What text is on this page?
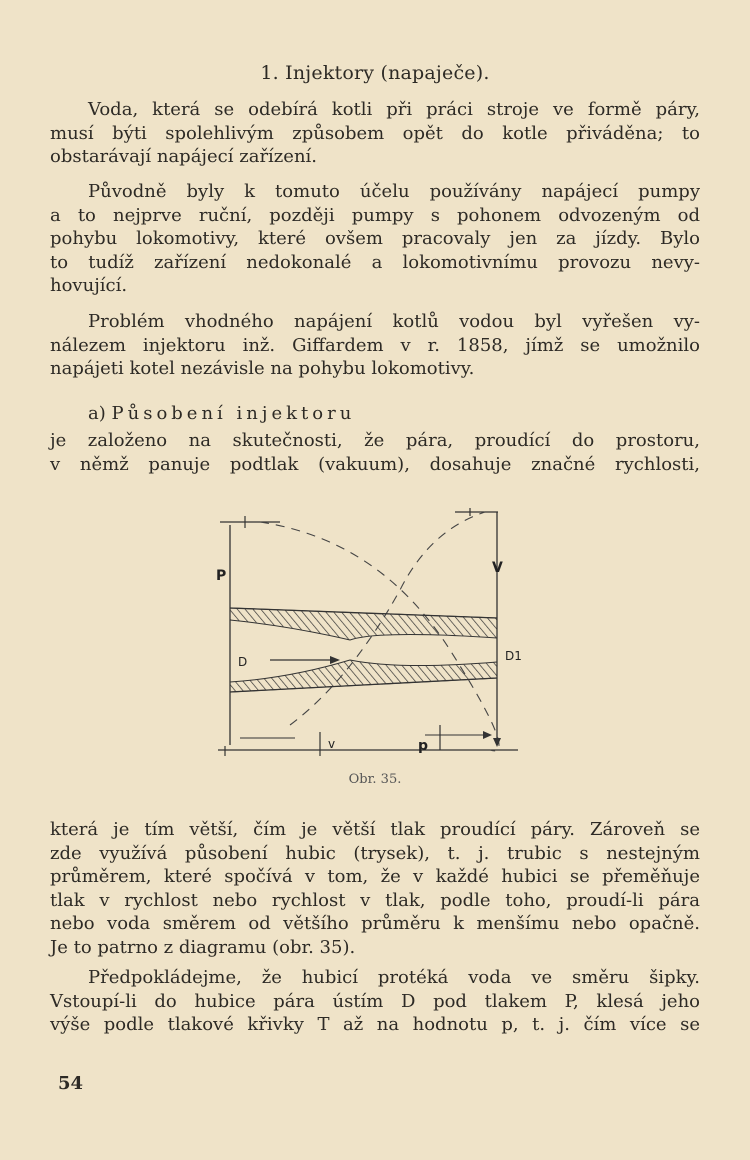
1. Injektory (napaječe).
Voda, která se odebírá kotli při práci stroje ve formě páry,
musí býti spolehlivým způsobem opět do kotle přiváděna; to
obstarávají napájecí zařízení.
Původně byly k tomuto účelu používány napájecí pumpy
a to nejprve ruční, později pumpy s pohonem odvozeným od
pohybu lokomotivy, které ovšem pracovaly jen za jízdy. Bylo
to tudíž zařízení nedokonalé a lokomotivnímu provozu nevy-
hovující.
Problém vhodného napájení kotlů vodou byl vyřešen vy-
nálezem injektoru inž. Giffardem v r. 1858, jímž se umožnilo
napájeti kotel nezávisle na pohybu lokomotivy.
a) Působení injektoru
je založeno na skutečnosti, že pára, proudící do prostoru,
v němž panuje podtlak (vakuum), dosahuje značné rychlosti,
P	V
D	D1
v	p
Obr. 35.
která je tím větší, čím je větší tlak proudící páry. Zároveň se
zde využívá působení hubic (trysek), t. j. trubic s nestejným
průměrem, které spočívá v tom, že v každé hubici se přeměňuje
tlak v rychlost nebo rychlost v tlak, podle toho, proudí-li pára
nebo voda směrem od většího průměru k menšímu nebo opačně.
Je to patrno z diagramu (obr. 35).
Předpokládejme, že hubicí protéká voda ve směru šipky.
Vstoupí-li do hubice pára ústím D pod tlakem P, klesá jeho
výše podle tlakové křivky T až na hodnotu p, t. j. čím více se
54
